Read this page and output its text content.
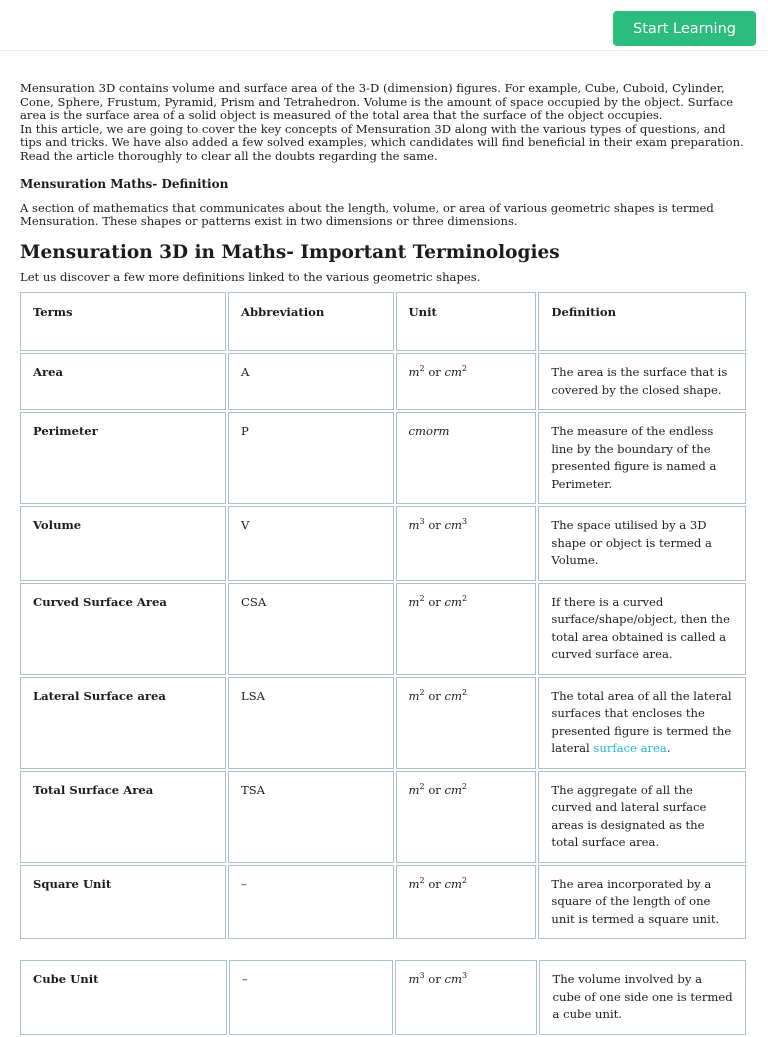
Start Learning

Mensuration 3D contains volume and surface area of the 3-D (dimension) figures. For example, Cube, Cuboid, Cylinder, Cone, Sphere, Frustum, Pyramid, Prism and Tetrahedron. Volume is the amount of space occupied by the object. Surface area is the surface area of a solid object is measured of the total area that the surface of the object occupies.

In this article, we are going to cover the key concepts of Mensuration 3D along with the various types of questions, and tips and tricks. We have also added a few solved examples, which candidates will find beneficial in their exam preparation. Read the article thoroughly to clear all the doubts regarding the same.

Mensuration Maths- Definition

A section of mathematics that communicates about the length, volume, or area of various geometric shapes is termed Mensuration. These shapes or patterns exist in two dimensions or three dimensions.

Mensuration 3D in Maths- Important Terminologies

Let us discover a few more definitions linked to the various geometric shapes.

Terms	Abbreviation	Unit	Definition
Area	A	$m^2$ or $cm^2$	The area is the surface that is covered by the closed shape.
Perimeter	P	cmorm	The measure of the endless line by the boundary of the presented figure is named a Perimeter.
Volume	V	$m^3$ or $cm^3$	The space utilised by a 3D shape or object is termed a Volume.
Curved Surface Area	CSA	$m^2$ or $cm^2$	If there is a curved surface/shape/object, then the total area obtained is called a curved surface area.
Lateral Surface area	LSA	$m^2$ or $cm^2$	The total area of all the lateral surfaces that encloses the presented figure is termed the lateral surface area.
Total Surface Area	TSA	$m^2$ or $cm^2$	The aggregate of all the curved and lateral surface areas is designated as the total surface area.
Square Unit	–	$m^2$ or $cm^2$	The area incorporated by a square of the length of one unit is termed a square unit.
Cube Unit	–	$m^3$ or $cm^3$	The volume involved by a cube of one side one is termed a cube unit.
